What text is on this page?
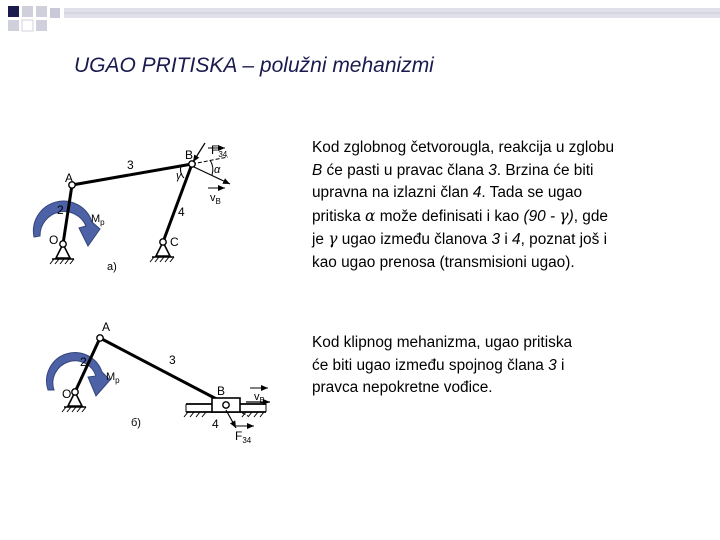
UGAO PRITISKA – polužni mehanizmi
Kod zglobnog četvorougla, reakcija u zglobu
B će pasti u pravac člana 3. Brzina će biti
upravna na izlazni član 4. Tada se ugao
pritiska α može definisati i kao (90 - γ), gde
je γ ugao između članova 3 i 4, poznat još i
kao ugao prenosa (transmisioni ugao).
Kod klipnog mehanizma, ugao pritiska
će biti ugao između spojnog člana 3 i
pravca nepokretne vođice.
A
B
C
O
2
3
4
$M_p$
γ	α
$v_B$
$F_{34}$
a)
A
B
O
2	3
4
$M_p$
$v_B$
$F_{34}$
б)
